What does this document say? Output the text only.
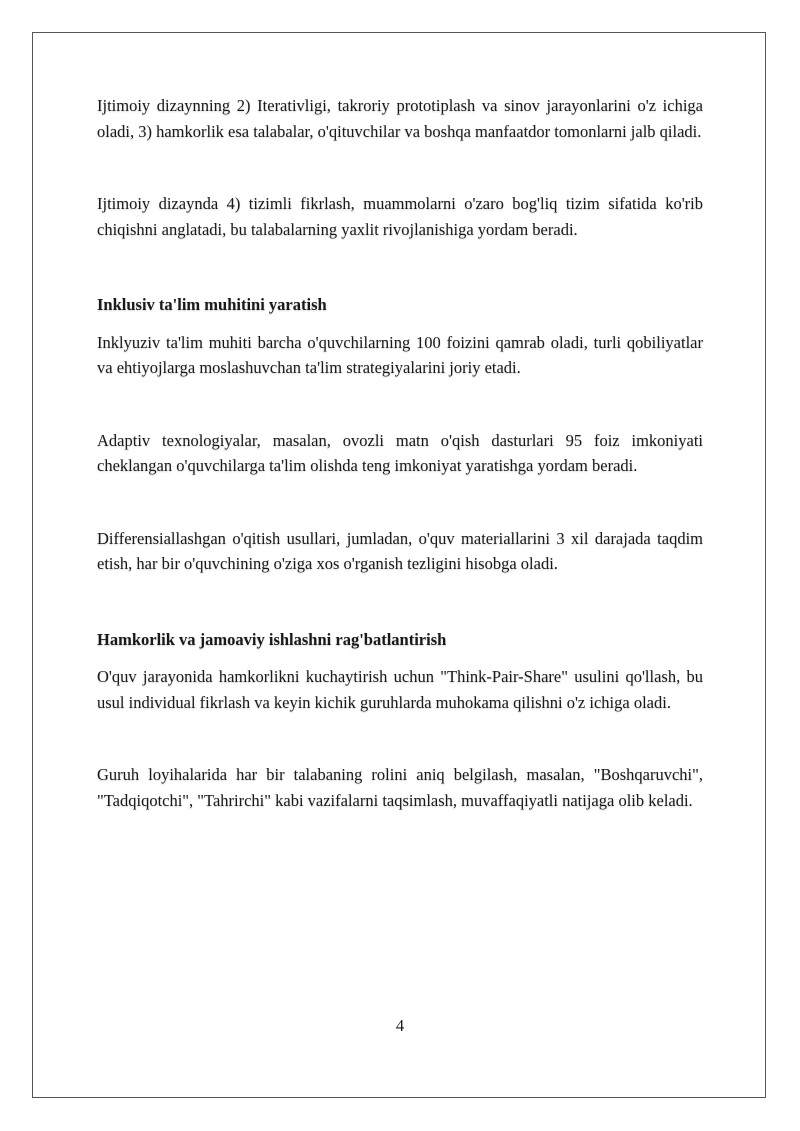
Ijtimoiy dizaynning 2) Iterativligi, takroriy prototiplash va sinov jarayonlarini o'z ichiga oladi, 3) hamkorlik esa talabalar, o'qituvchilar va boshqa manfaatdor tomonlarni jalb qiladi.

Ijtimoiy dizaynda 4) tizimli fikrlash, muammolarni o'zaro bog'liq tizim sifatida ko'rib chiqishni anglatadi, bu talabalarning yaxlit rivojlanishiga yordam beradi.

Inklusiv ta'lim muhitini yaratish

Inklyuziv ta'lim muhiti barcha o'quvchilarning 100 foizini qamrab oladi, turli qobiliyatlar va ehtiyojlarga moslashuvchan ta'lim strategiyalarini joriy etadi.

Adaptiv texnologiyalar, masalan, ovozli matn o'qish dasturlari 95 foiz imkoniyati cheklangan o'quvchilarga ta'lim olishda teng imkoniyat yaratishga yordam beradi.

Differensiallashgan o'qitish usullari, jumladan, o'quv materiallarini 3 xil darajada taqdim etish, har bir o'quvchining o'ziga xos o'rganish tezligini hisobga oladi.

Hamkorlik va jamoaviy ishlashni rag'batlantirish

O'quv jarayonida hamkorlikni kuchaytirish uchun "Think-Pair-Share" usulini qo'llash, bu usul individual fikrlash va keyin kichik guruhlarda muhokama qilishni o'z ichiga oladi.

Guruh loyihalarida har bir talabaning rolini aniq belgilash, masalan, "Boshqaruvchi", "Tadqiqotchi", "Tahrirchi" kabi vazifalarni taqsimlash, muvaffaqiyatli natijaga olib keladi.

4
